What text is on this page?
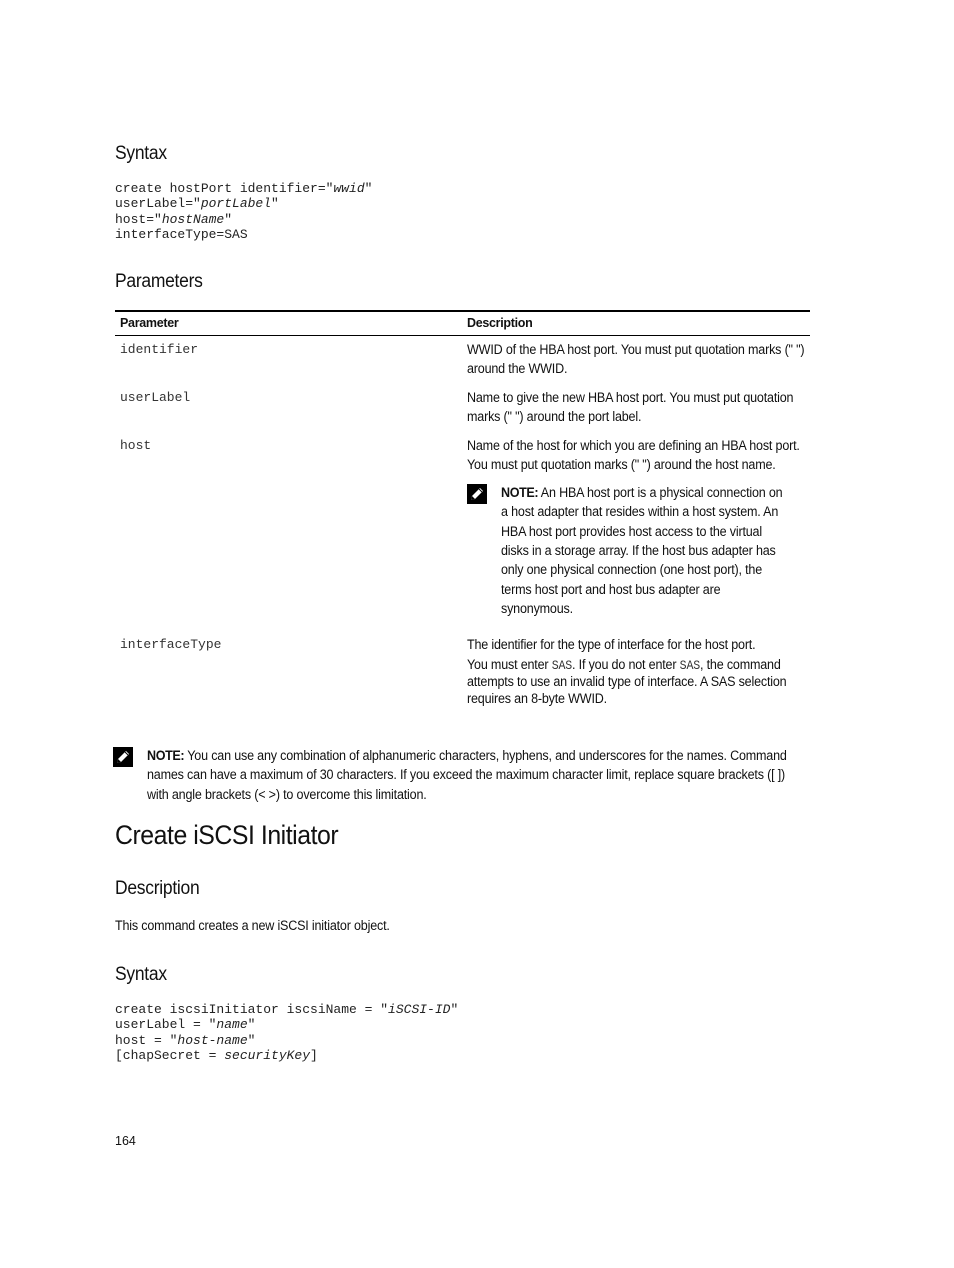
Syntax
create hostPort identifier="wwid"
userLabel="portLabel"
host="hostName"
interfaceType=SAS
Parameters
Parameter	Description
identifier	WWID of the HBA host port. You must put quotation marks (" ") around the WWID.

userLabel	Name to give the new HBA host port. You must put quotation marks (" ") around the port label.

host	Name of the host for which you are defining an HBA host port. You must put quotation marks (" ") around the host name.
NOTE: An HBA host port is a physical connection on a host adapter that resides within a host system. An HBA host port provides host access to the virtual disks in a storage array. If the host bus adapter has only one physical connection (one host port), the terms host port and host bus adapter are synonymous.

interfaceType	The identifier for the type of interface for the host port.
You must enter SAS. If you do not enter SAS, the command attempts to use an invalid type of interface. A SAS selection requires an 8-byte WWID.
NOTE: You can use any combination of alphanumeric characters, hyphens, and underscores for the names. Command names can have a maximum of 30 characters. If you exceed the maximum character limit, replace square brackets ([ ]) with angle brackets (< >) to overcome this limitation.
Create iSCSI Initiator
Description
This command creates a new iSCSI initiator object.
Syntax
create iscsiInitiator iscsiName = "iSCSI-ID"
userLabel = "name"
host = "host-name"
[chapSecret = securityKey]
164
